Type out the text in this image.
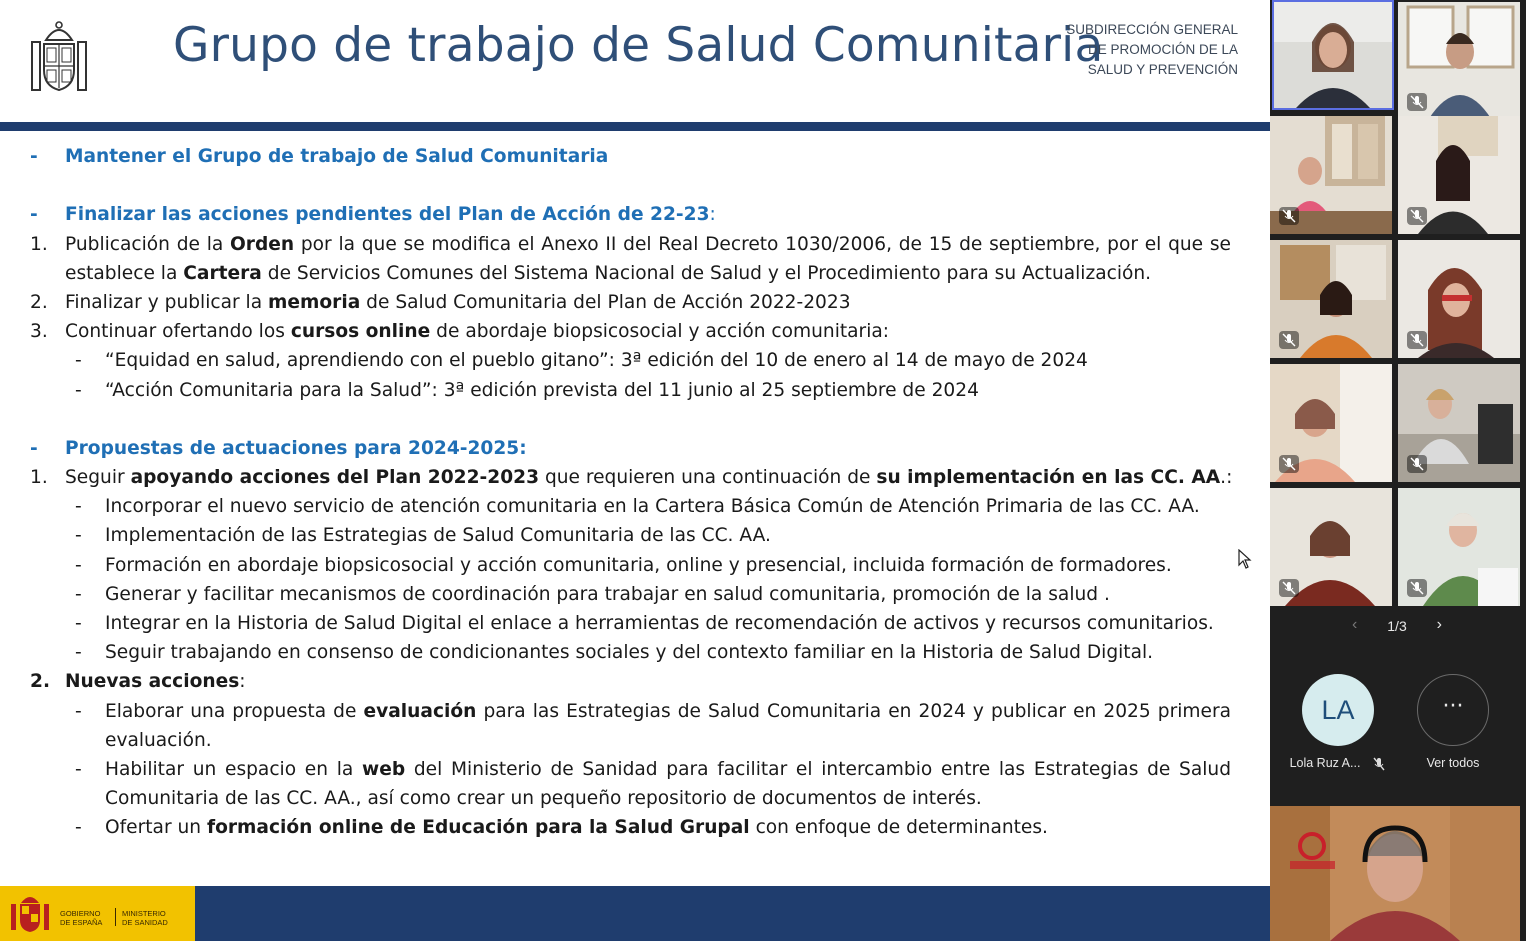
Grupo de trabajo de Salud Comunitaria
SUBDIRECCIÓN GENERAL
DE PROMOCIÓN DE LA
SALUD Y PREVENCIÓN
- Mantener el Grupo de trabajo de Salud Comunitaria
- Finalizar las acciones pendientes del Plan de Acción de 22-23:
1. Publicación de la Orden por la que se modifica el Anexo II del Real Decreto 1030/2006, de 15 de septiembre, por el que se
establece la Cartera de Servicios Comunes del Sistema Nacional de Salud y el Procedimiento para su Actualización.
2. Finalizar y publicar la memoria de Salud Comunitaria del Plan de Acción 2022-2023
3. Continuar ofertando los cursos online de abordaje biopsicosocial y acción comunitaria:
- “Equidad en salud, aprendiendo con el pueblo gitano”: 3ª edición del 10 de enero al 14 de mayo de 2024
- “Acción Comunitaria para la Salud”: 3ª edición prevista del 11 junio al 25 septiembre de 2024
- Propuestas de actuaciones para 2024-2025:
1. Seguir apoyando acciones del Plan 2022-2023 que requieren una continuación de su implementación en las CC. AA.:
- Incorporar el nuevo servicio de atención comunitaria en la Cartera Básica Común de Atención Primaria de las CC. AA.
- Implementación de las Estrategias de Salud Comunitaria de las CC. AA.
- Formación en abordaje biopsicosocial y acción comunitaria, online y presencial, incluida formación de formadores.
- Generar y facilitar mecanismos de coordinación para trabajar en salud comunitaria, promoción de la salud .
- Integrar en la Historia de Salud Digital el enlace a herramientas de recomendación de activos y recursos comunitarios.
- Seguir trabajando en consenso de condicionantes sociales y del contexto familiar en la Historia de Salud Digital.
2. Nuevas acciones:
- Elaborar una propuesta de evaluación para las Estrategias de Salud Comunitaria en 2024 y publicar en 2025 primera
evaluación.
- Habilitar un espacio en la web del Ministerio de Sanidad para facilitar el intercambio entre las Estrategias de Salud
Comunitaria de las CC. AA., así como crear un pequeño repositorio de documentos de interés.
- Ofertar un formación online de Educación para la Salud Grupal con enfoque de determinantes.
GOBIERNO
DE ESPAÑA
MINISTERIO
DE SANIDAD
‹	1/3	›
LA
Lola Ruz A...
···
Ver todos
